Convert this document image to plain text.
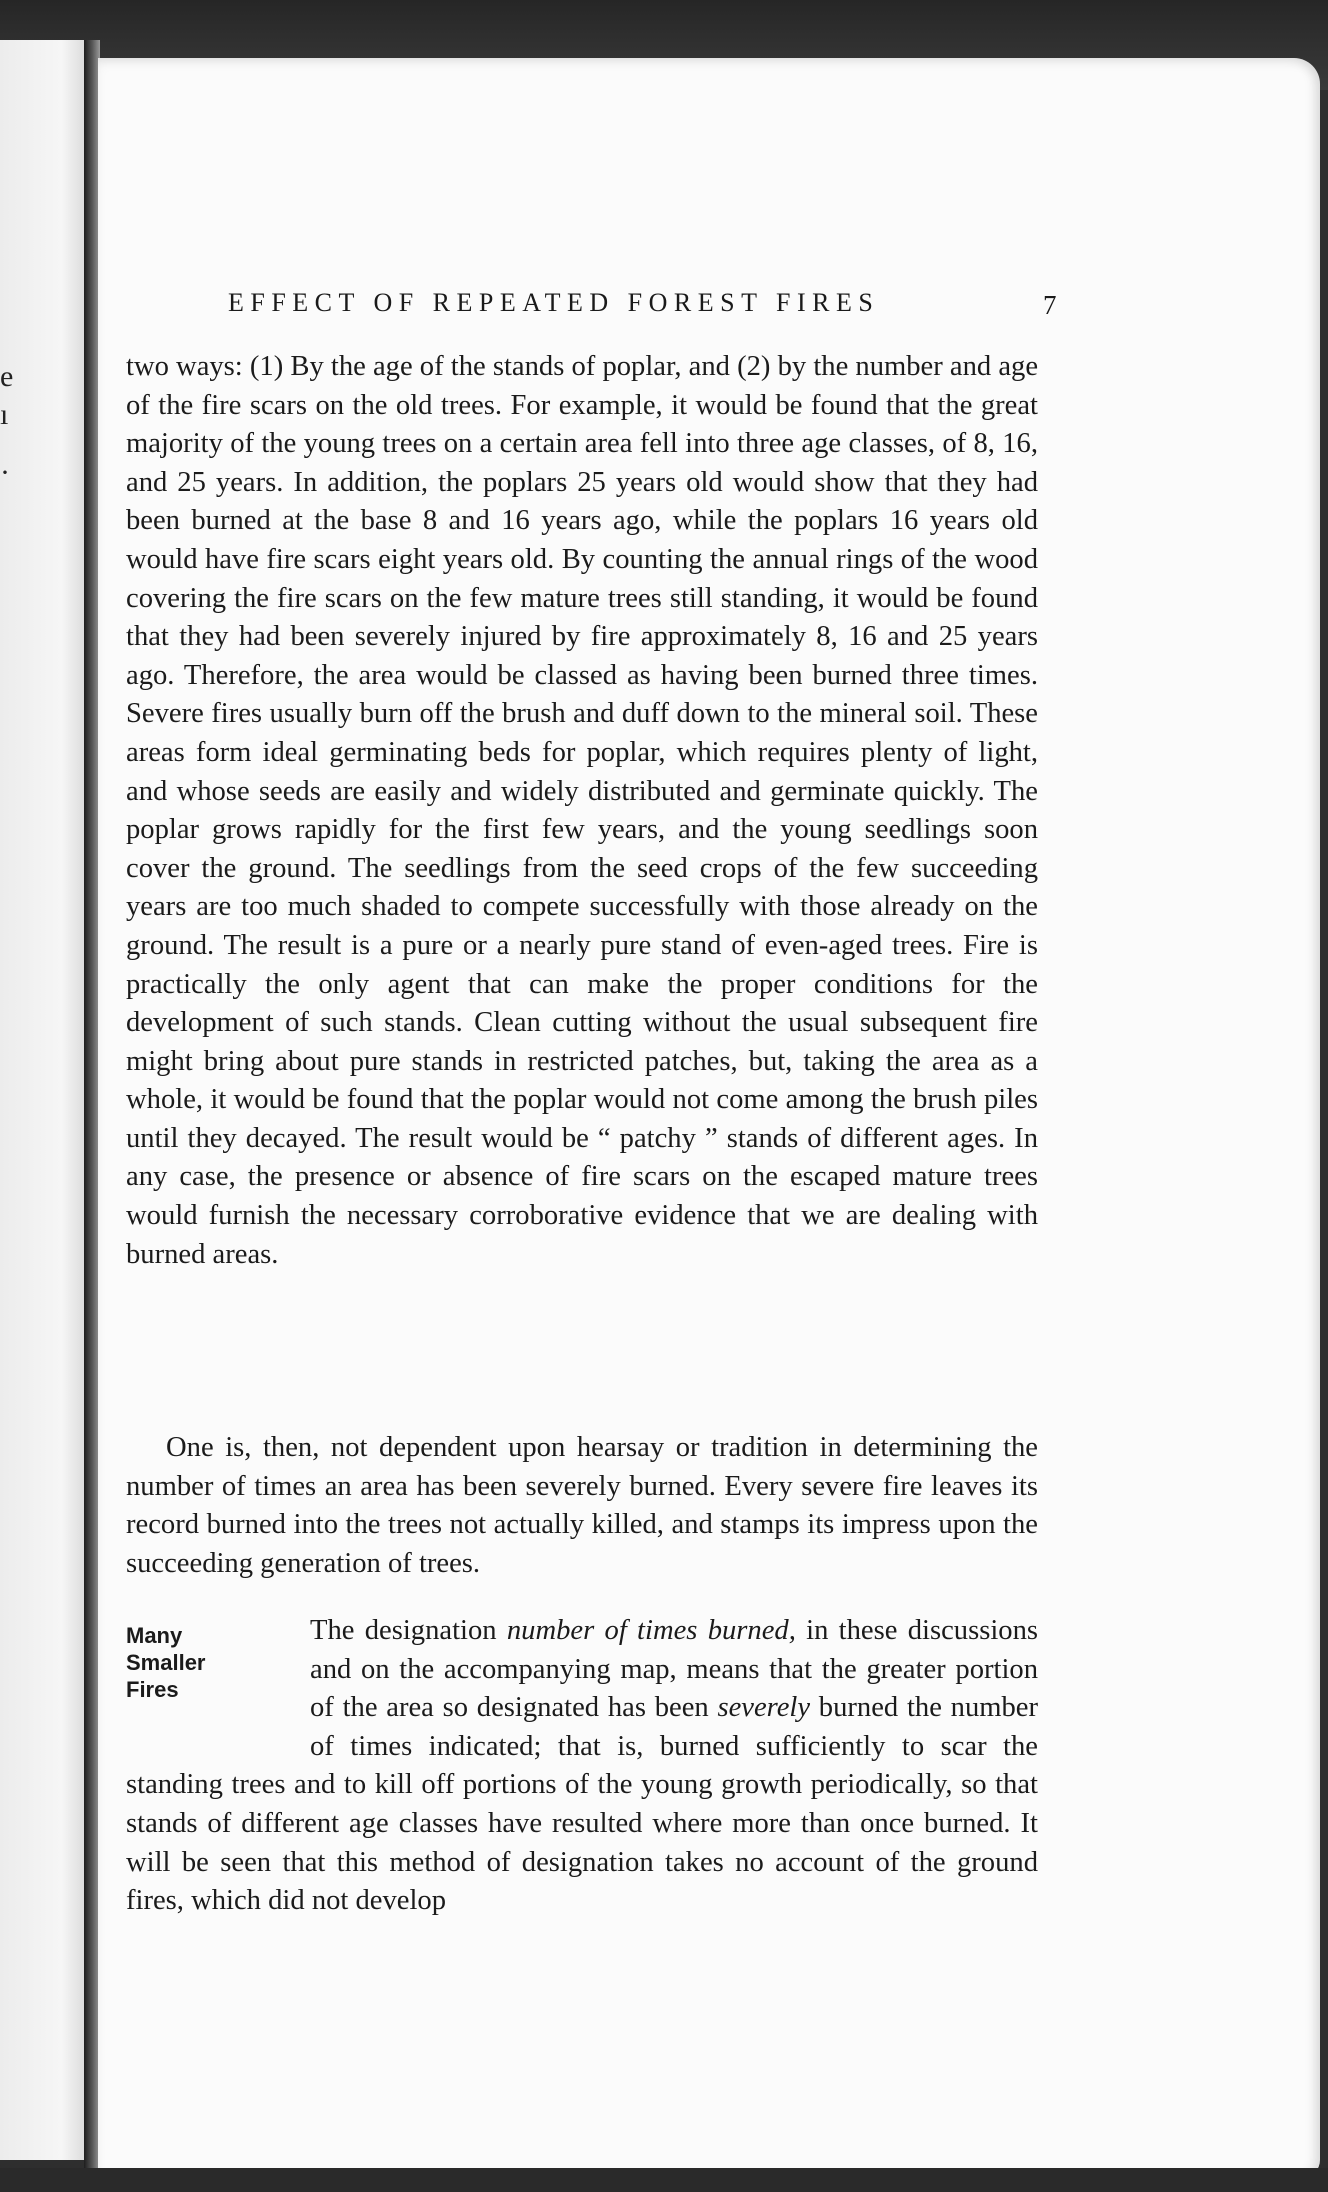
e
ı
·
EFFECT OF REPEATED FOREST FIRES	7

two ways: (1) By the age of the stands of poplar, and (2) by the number and age of the fire scars on the old trees. For example, it would be found that the great majority of the young trees on a certain area fell into three age classes, of 8, 16, and 25 years. In addition, the poplars 25 years old would show that they had been burned at the base 8 and 16 years ago, while the poplars 16 years old would have fire scars eight years old. By counting the annual rings of the wood covering the fire scars on the few mature trees still standing, it would be found that they had been severely injured by fire approximately 8, 16 and 25 years ago. Therefore, the area would be classed as having been burned three times. Severe fires usually burn off the brush and duff down to the mineral soil. These areas form ideal germinating beds for poplar, which requires plenty of light, and whose seeds are easily and widely distributed and germinate quickly. The poplar grows rapidly for the first few years, and the young seedlings soon cover the ground. The seedlings from the seed crops of the few succeeding years are too much shaded to compete successfully with those already on the ground. The result is a pure or a nearly pure stand of even-aged trees. Fire is practically the only agent that can make the proper conditions for the development of such stands. Clean cutting without the usual subsequent fire might bring about pure stands in restricted patches, but, taking the area as a whole, it would be found that the poplar would not come among the brush piles until they decayed. The result would be “ patchy ” stands of different ages. In any case, the presence or absence of fire scars on the escaped mature trees would furnish the necessary corroborative evidence that we are dealing with burned areas.

One is, then, not dependent upon hearsay or tradition in determining the number of times an area has been severely burned. Every severe fire leaves its record burned into the trees not actually killed, and stamps its impress upon the succeeding generation of trees.

Many
Smaller
Fires
The designation number of times burned, in these discussions and on the accompanying map, means that the greater portion of the area so designated has been severely burned the number of times indicated; that is, burned sufficiently to scar the standing trees and to kill off portions of the young growth periodically, so that stands of different age classes have resulted where more than once burned. It will be seen that this method of designation takes no account of the ground fires, which did not develop
